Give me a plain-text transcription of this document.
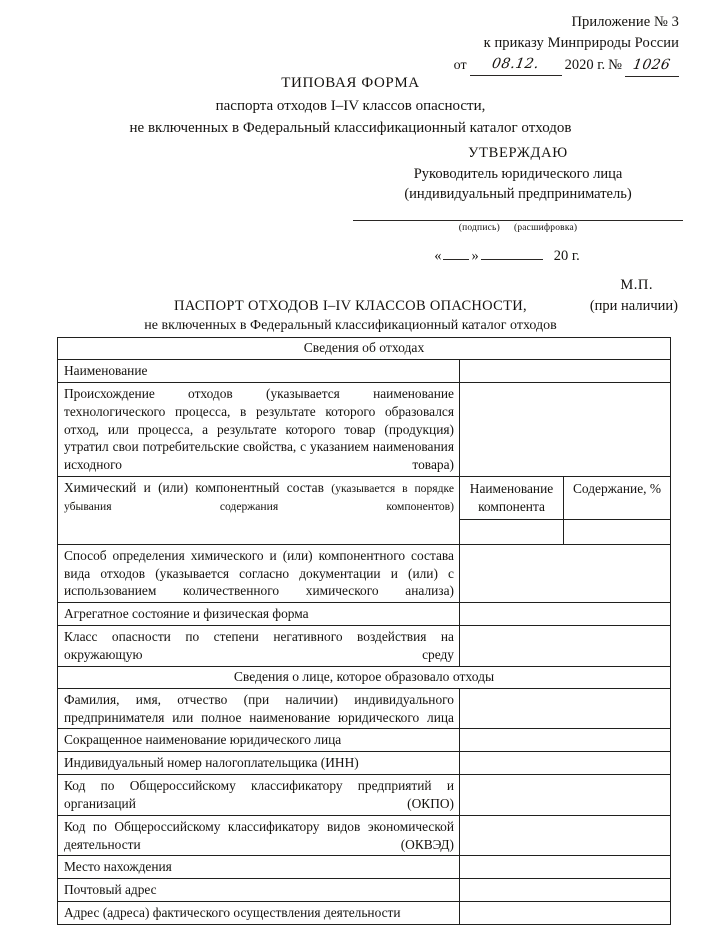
Приложение № 3
к приказу Минприроды России
от	08.12.	2020 г. № 1026
ТИПОВАЯ ФОРМА
паспорта отходов I–IV классов опасности,
не включенных в Федеральный классификационный каталог отходов
УТВЕРЖДАЮ
Руководитель юридического лица
(индивидуальный предприниматель)
(подпись) (расшифровка)
« »	20 г.
М.П.
(при наличии)
ПАСПОРТ ОТХОДОВ I–IV КЛАССОВ ОПАСНОСТИ,
не включенных в Федеральный классификационный каталог отходов
Сведения об отходах		
Наименование		
Происхождение отходов (указывается наименование технологического процесса, в результате которого образовался отход, или процесса, а результате которого товар (продукция) утратил свои потребительские свойства, с указанием наименования исходного товара)		
Химический и (или) компонентный состав (указывается в порядке убывания содержания компонентов)	Наименование компонента	Содержание, %

Способ определения химического и (или) компонентного состава вида отходов (указывается согласно документации и (или) с использованием количественного химического анализа)		
Агрегатное состояние и физическая форма		
Класс опасности по степени негативного воздействия на окружающую среду		
Сведения о лице, которое образовало отходы		
Фамилия, имя, отчество (при наличии) индивидуального предпринимателя или полное наименование юридического лица		
Сокращенное наименование юридического лица		
Индивидуальный номер налогоплательщика (ИНН)		
Код по Общероссийскому классификатору предприятий и организаций (ОКПО)		
Код по Общероссийскому классификатору видов экономической деятельности (ОКВЭД)		
Место нахождения		
Почтовый адрес		
Адрес (адреса) фактического осуществления деятельности		
